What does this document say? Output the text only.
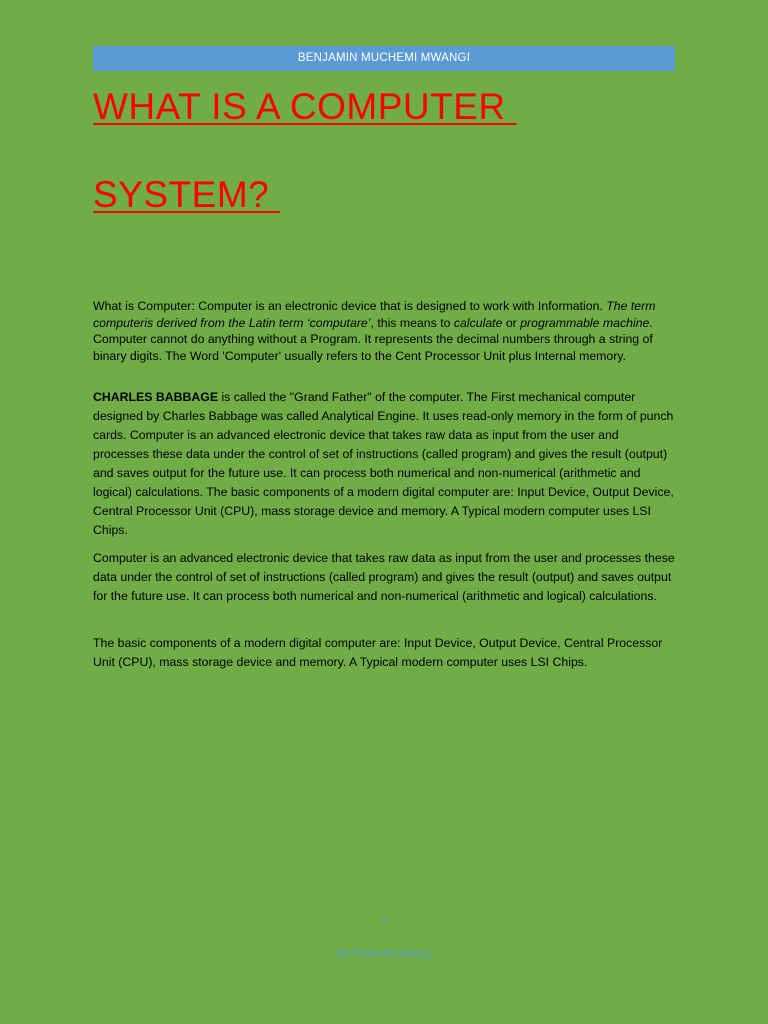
BENJAMIN MUCHEMI MWANGI
WHAT IS A COMPUTER
SYSTEM?

What is Computer: Computer is an electronic device that is designed to work with Information. The term computeris derived from the Latin term ‘computare’, this means to calculate or programmable machine. Computer cannot do anything without a Program. It represents the decimal numbers through a string of binary digits. The Word 'Computer' usually refers to the Cent Processor Unit plus Internal memory.

CHARLES BABBAGE is called the "Grand Father" of the computer. The First mechanical computer designed by Charles Babbage was called Analytical Engine. It uses read-only memory in the form of punch cards. Computer is an advanced electronic device that takes raw data as input from the user and processes these data under the control of set of instructions (called program) and gives the result (output) and saves output for the future use. It can process both numerical and non-numerical (arithmetic and logical) calculations. The basic components of a modern digital computer are: Input Device, Output Device, Central Processor Unit (CPU), mass storage device and memory. A Typical modern computer uses LSI Chips.

Computer is an advanced electronic device that takes raw data as input from the user and processes these data under the control of set of instructions (called program) and gives the result (output) and saves output for the future use. It can process both numerical and non-numerical (arithmetic and logical) calculations.

The basic components of a modern digital computer are: Input Device, Output Device, Central Processor Unit (CPU), mass storage device and memory. A Typical modern computer uses LSI Chips.

1
SCT203-0511/2021
